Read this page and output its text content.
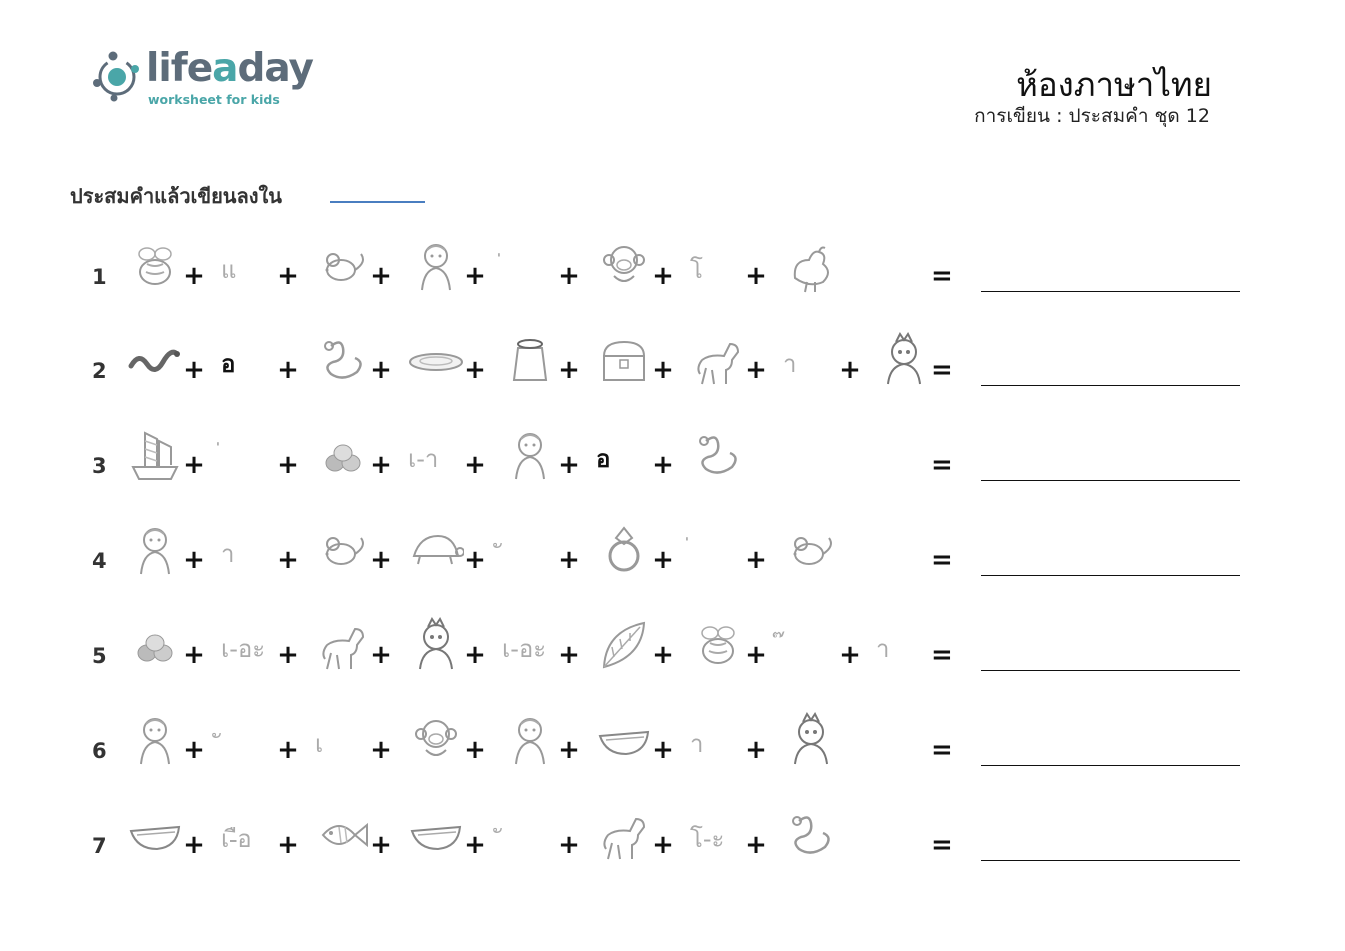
lifeaday
worksheet for kids	ห้องภาษาไทย
การเขียน : ประสมคำ ชุด 12
ประสมคำแล้วเขียนลงใน
1	+ แ +	+	+	+	+ โ +	=
2	+ อ +	+	+	+	+	+ า +	=
3	+	+	+ เ-า +	+ อ +	=
4	+ า +	+	+	+	+	+	=
5	+ เ-อะ +	+	+ เ-อะ +	+	+	+ า =
6	+	+ เ +	+	+	+ า +	=
7	+ เ-ือ +	+	+	+	+ โ-ะ +	=
